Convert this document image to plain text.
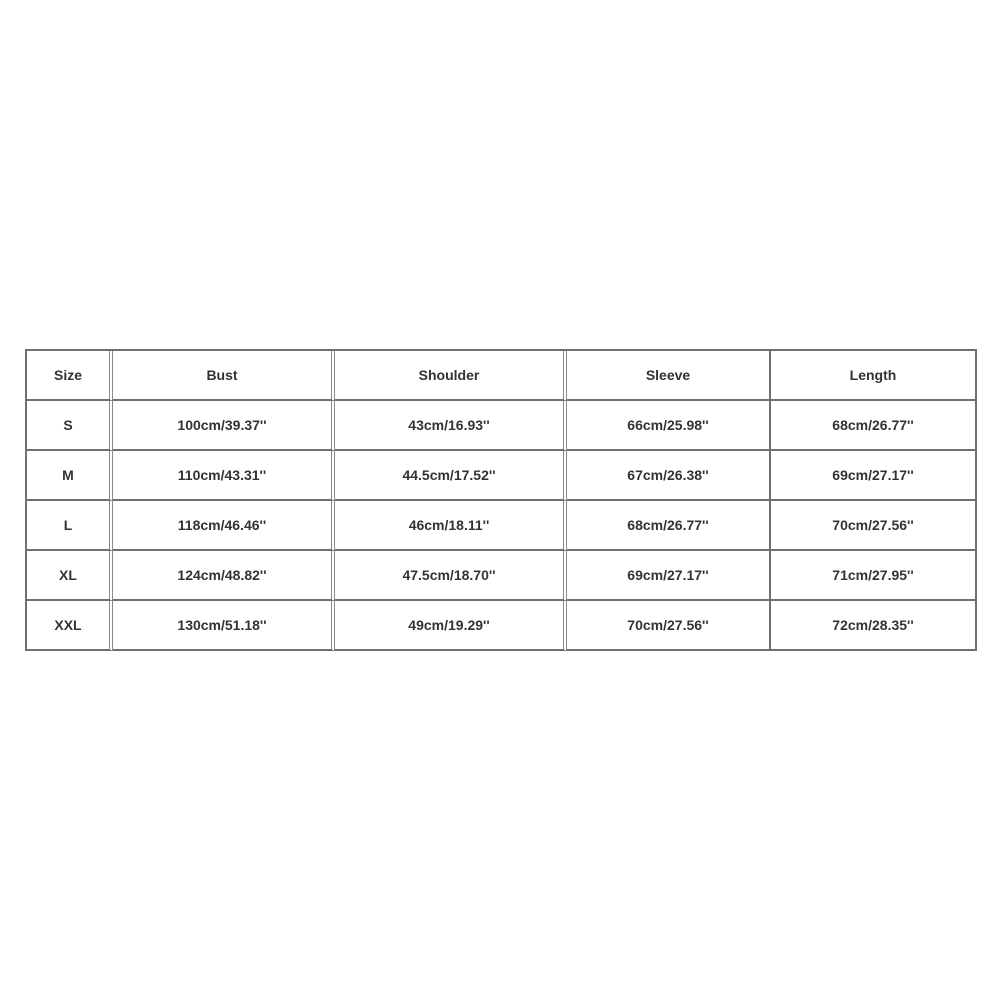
Size	Bust	Shoulder	Sleeve	Length
S	100cm/39.37''	43cm/16.93''	66cm/25.98''	68cm/26.77''
M	110cm/43.31''	44.5cm/17.52''	67cm/26.38''	69cm/27.17''
L	118cm/46.46''	46cm/18.11''	68cm/26.77''	70cm/27.56''
XL	124cm/48.82''	47.5cm/18.70''	69cm/27.17''	71cm/27.95''
XXL	130cm/51.18''	49cm/19.29''	70cm/27.56''	72cm/28.35''
